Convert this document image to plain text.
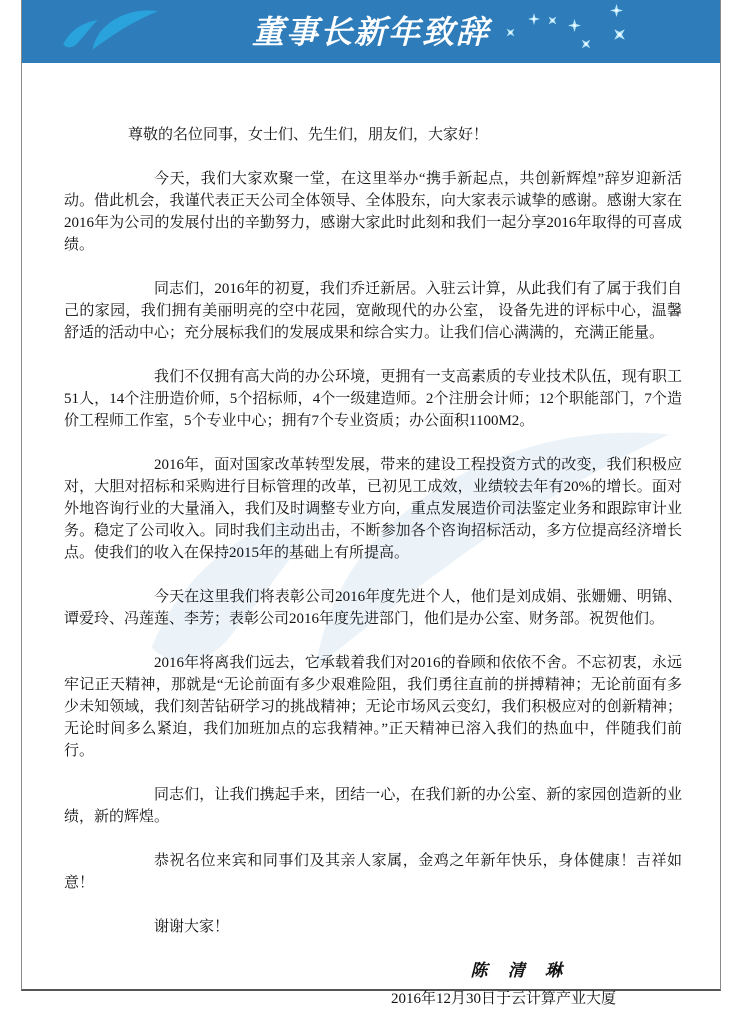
董事长新年致辞

尊敬的名位同事，女士们、先生们，朋友们，大家好！

今天，我们大家欢聚一堂，在这里举办“携手新起点，共创新辉煌”辞岁迎新活动。借此机会，我谨代表正天公司全体领导、全体股东，向大家表示诚挚的感谢。感谢大家在2016年为公司的发展付出的辛勤努力，感谢大家此时此刻和我们一起分享2016年取得的可喜成绩。

同志们，2016年的初夏，我们乔迁新居。入驻云计算，从此我们有了属于我们自己的家园，我们拥有美丽明亮的空中花园，宽敞现代的办公室， 设备先进的评标中心，温馨舒适的活动中心；充分展标我们的发展成果和综合实力。让我们信心满满的，充满正能量。

我们不仅拥有高大尚的办公环境，更拥有一支高素质的专业技术队伍，现有职工51人，14个注册造价师，5个招标师，4个一级建造师。2个注册会计师；12个职能部门，7个造价工程师工作室，5个专业中心；拥有7个专业资质；办公面积1100M2。

2016年，面对国家改革转型发展，带来的建设工程投资方式的改变，我们积极应对，大胆对招标和采购进行目标管理的改革，已初见工成效，业绩较去年有20%的增长。面对外地咨询行业的大量涌入，我们及时调整专业方向，重点发展造价司法鉴定业务和跟踪审计业务。稳定了公司收入。同时我们主动出击，不断参加各个咨询招标活动，多方位提高经济增长点。使我们的收入在保持2015年的基础上有所提高。

今天在这里我们将表彰公司2016年度先进个人，他们是刘成娟、张姗姗、明锦、谭爱玲、冯莲莲、李芳；表彰公司2016年度先进部门，他们是办公室、财务部。祝贺他们。

2016年将离我们远去，它承载着我们对2016的眷顾和依依不舍。不忘初衷，永远牢记正天精神，那就是“无论前面有多少艰难险阻，我们勇往直前的拼搏精神；无论前面有多少未知领域，我们刻苦钻研学习的挑战精神；无论市场风云变幻，我们积极应对的创新精神；无论时间多么紧迫，我们加班加点的忘我精神。”正天精神已溶入我们的热血中，伴随我们前行。

同志们，让我们携起手来，团结一心，在我们新的办公室、新的家园创造新的业绩，新的辉煌。

恭祝名位来宾和同事们及其亲人家属，金鸡之年新年快乐，身体健康！吉祥如意！

谢谢大家！

陈 清 琳
2016年12月30日于云计算产业大厦
